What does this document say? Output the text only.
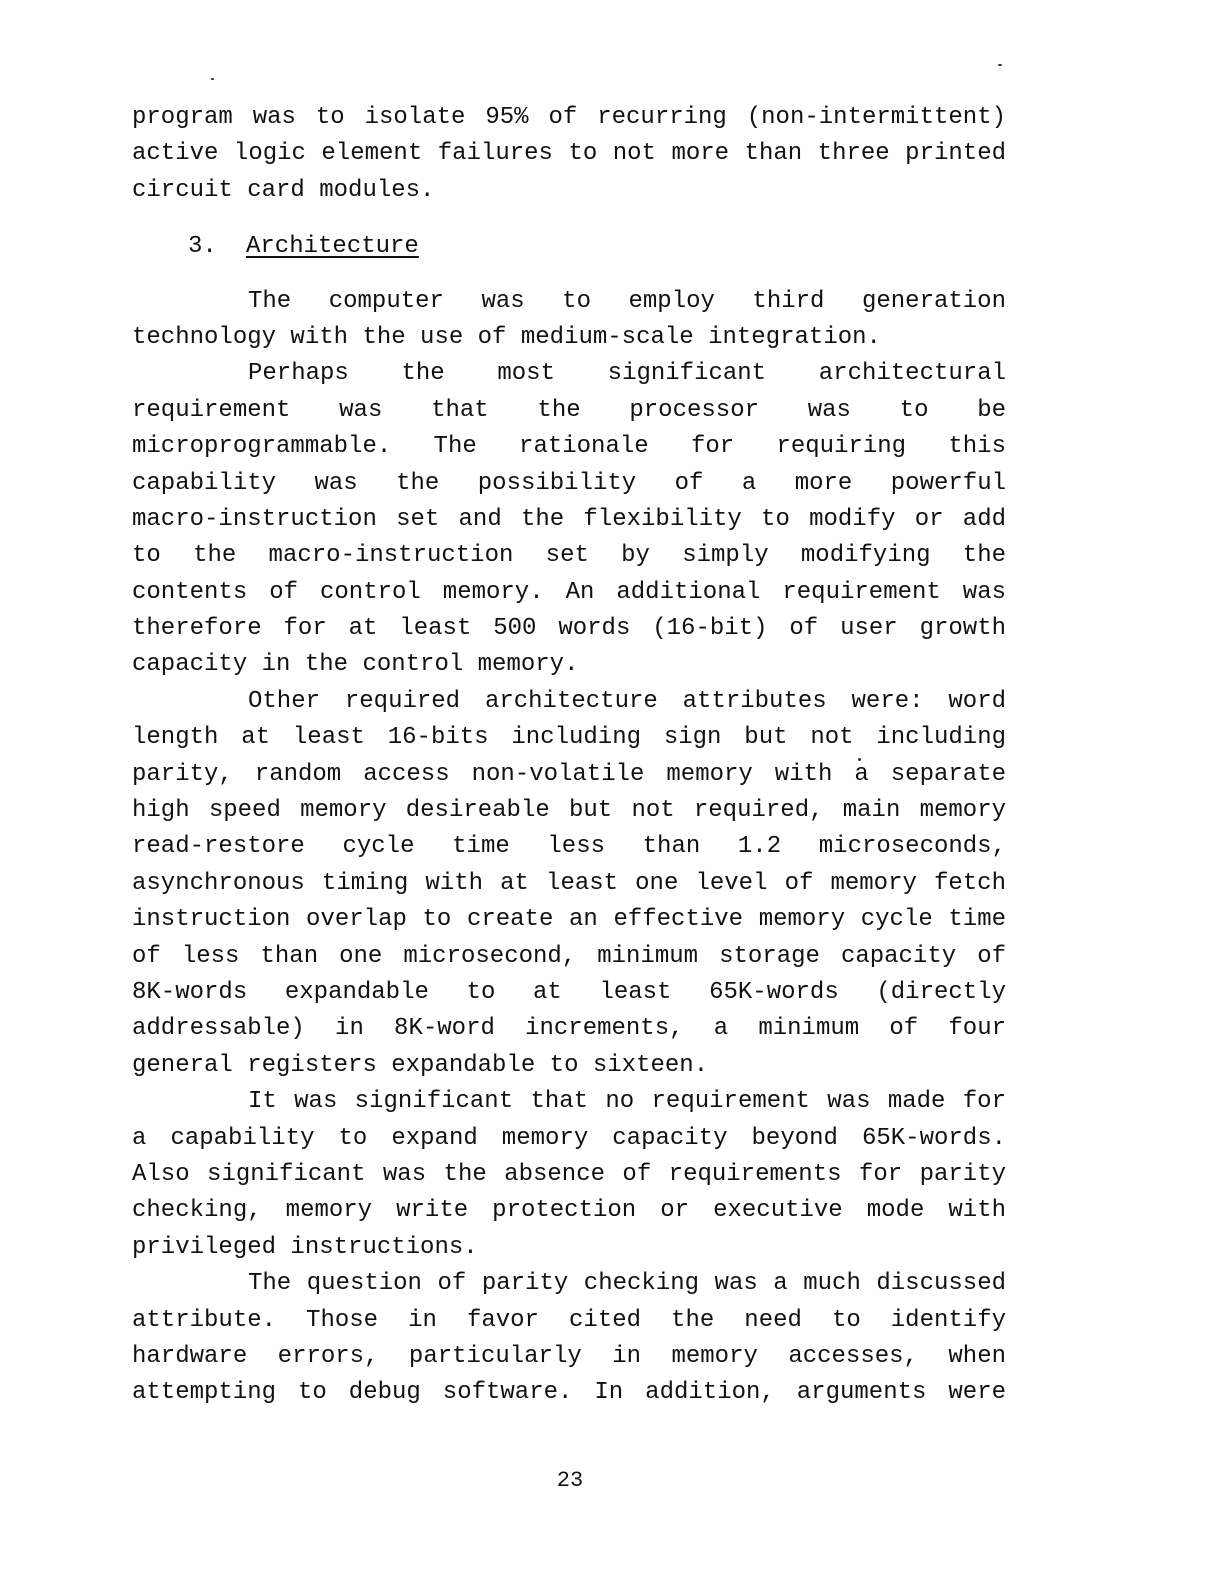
program was to isolate 95% of recurring (non-intermittent)
active logic element failures to not more than three printed
circuit card modules.
3. Architecture
The computer was to employ third generation
technology with the use of medium-scale integration.
Perhaps the most significant architectural
requirement was that the processor was to be
microprogrammable. The rationale for requiring this
capability was the possibility of a more powerful
macro-instruction set and the flexibility to modify or add
to the macro-instruction set by simply modifying the
contents of control memory. An additional requirement was
therefore for at least 500 words (16-bit) of user growth
capacity in the control memory.
Other required architecture attributes were: word
length at least 16-bits including sign but not including
parity, random access non-volatile memory with a separate
high speed memory desireable but not required, main memory
read-restore cycle time less than 1.2 microseconds,
asynchronous timing with at least one level of memory fetch
instruction overlap to create an effective memory cycle time
of less than one microsecond, minimum storage capacity of
8K-words expandable to at least 65K-words (directly
addressable) in 8K-word increments, a minimum of four
general registers expandable to sixteen.
It was significant that no requirement was made for
a capability to expand memory capacity beyond 65K-words.
Also significant was the absence of requirements for parity
checking, memory write protection or executive mode with
privileged instructions.
The question of parity checking was a much discussed
attribute. Those in favor cited the need to identify
hardware errors, particularly in memory accesses, when
attempting to debug software. In addition, arguments were
23
